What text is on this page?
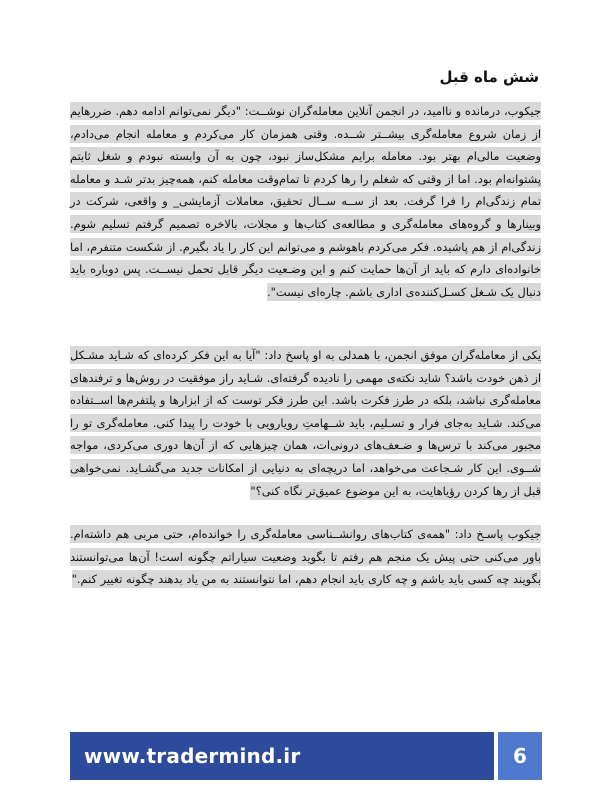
شش ماه قبل

جیکوب، درمانده و ناامید، در انجمن آنلاین معامله‌گران نوشــت: "دیگر نمی‌توانم ادامه دهم. ضررهایم از زمان شروع معامله‌گری بیشــتر شــده. وقتی همزمان کار می‌کردم و معامله انجام می‌دادم، وضعیت مالی‌ام بهتر بود. معامله برایم مشکل‌ساز نبود، چون به آن وابسته نبودم و شغل ثابتم پشتوانه‌ام بود. اما از وقتی که شغلم را رها کردم تا تمام‌وقت معامله کنم، همه‌چیز بدتر شـد و معامله تمام زندگی‌ام را فرا گرفت. بعد از ســه ســال تحقیق، معاملات آزمایشی_ و واقعی، شرکت در وبینارها و گروه‌های معامله‌گری و مطالعه‌ی کتاب‌ها و مجلات، بالاخره تصمیم گرفتم تسلیم شوم. زندگی‌ام از هم پاشیده. فکر می‌کردم باهوشم و می‌توانم این کار را یاد بگیرم. از شکست متنفرم، اما خانواده‌ای دارم که باید از آن‌ها حمایت کنم و این وضـعیت دیگر قابل تحمل نیســت. پس دوباره باید دنبال یک شـغل کسـل‌کننده‌ی اداری باشم. چاره‌ای نیست".

یکی از معامله‌گران موفق انجمن، با همدلی به او پاسخ داد: "آیا به این فکر کرده‌ای که شـاید مشـکل از ذهن خودت باشد؟ شاید نکته‌ی مهمی را نادیده گرفته‌ای. شـاید راز موفقیت در روش‌ها و ترفندهای معامله‌گری نباشد، بلکه در طرز فکرت باشد. این طرز فکر توست که از ابزارها و پلتفرم‌ها اســتفاده می‌کند. شـاید به‌جای فرار و تسـلیم، باید شــهامتِ رویارویی با خودت را پیدا کنی. معامله‌گری تو را مجبور می‌کند با ترس‌ها و ضـعف‌های درونی‌ات، همان چیزهایی که از آن‌ها دوری می‌کردی، مواجه شــوی. این کار شـجاعت می‌خواهد، اما دریچه‌ای به دنیایی از امکانات جدید می‌گشـاید. نمی‌خواهی قبل از رها کردن رؤیاهایت، به این موضوع عمیق‌تر نگاه کنی؟"

جیکوب پاسـخ داد: "همه‌ی کتاب‌های روانشــناسی معامله‌گری را خوانده‌ام، حتی مربی هم داشته‌ام. باور می‌کنی حتی پیش یک منجم هم رفتم تا بگوید وضعیت سیاراتم چگونه است! آن‌ها می‌توانستند بگویند چه کسی باید باشم و چه کاری باید انجام دهم، اما نتوانستند به من یاد بدهند چگونه تغییر کنم."

www.tradermind.ir	6
